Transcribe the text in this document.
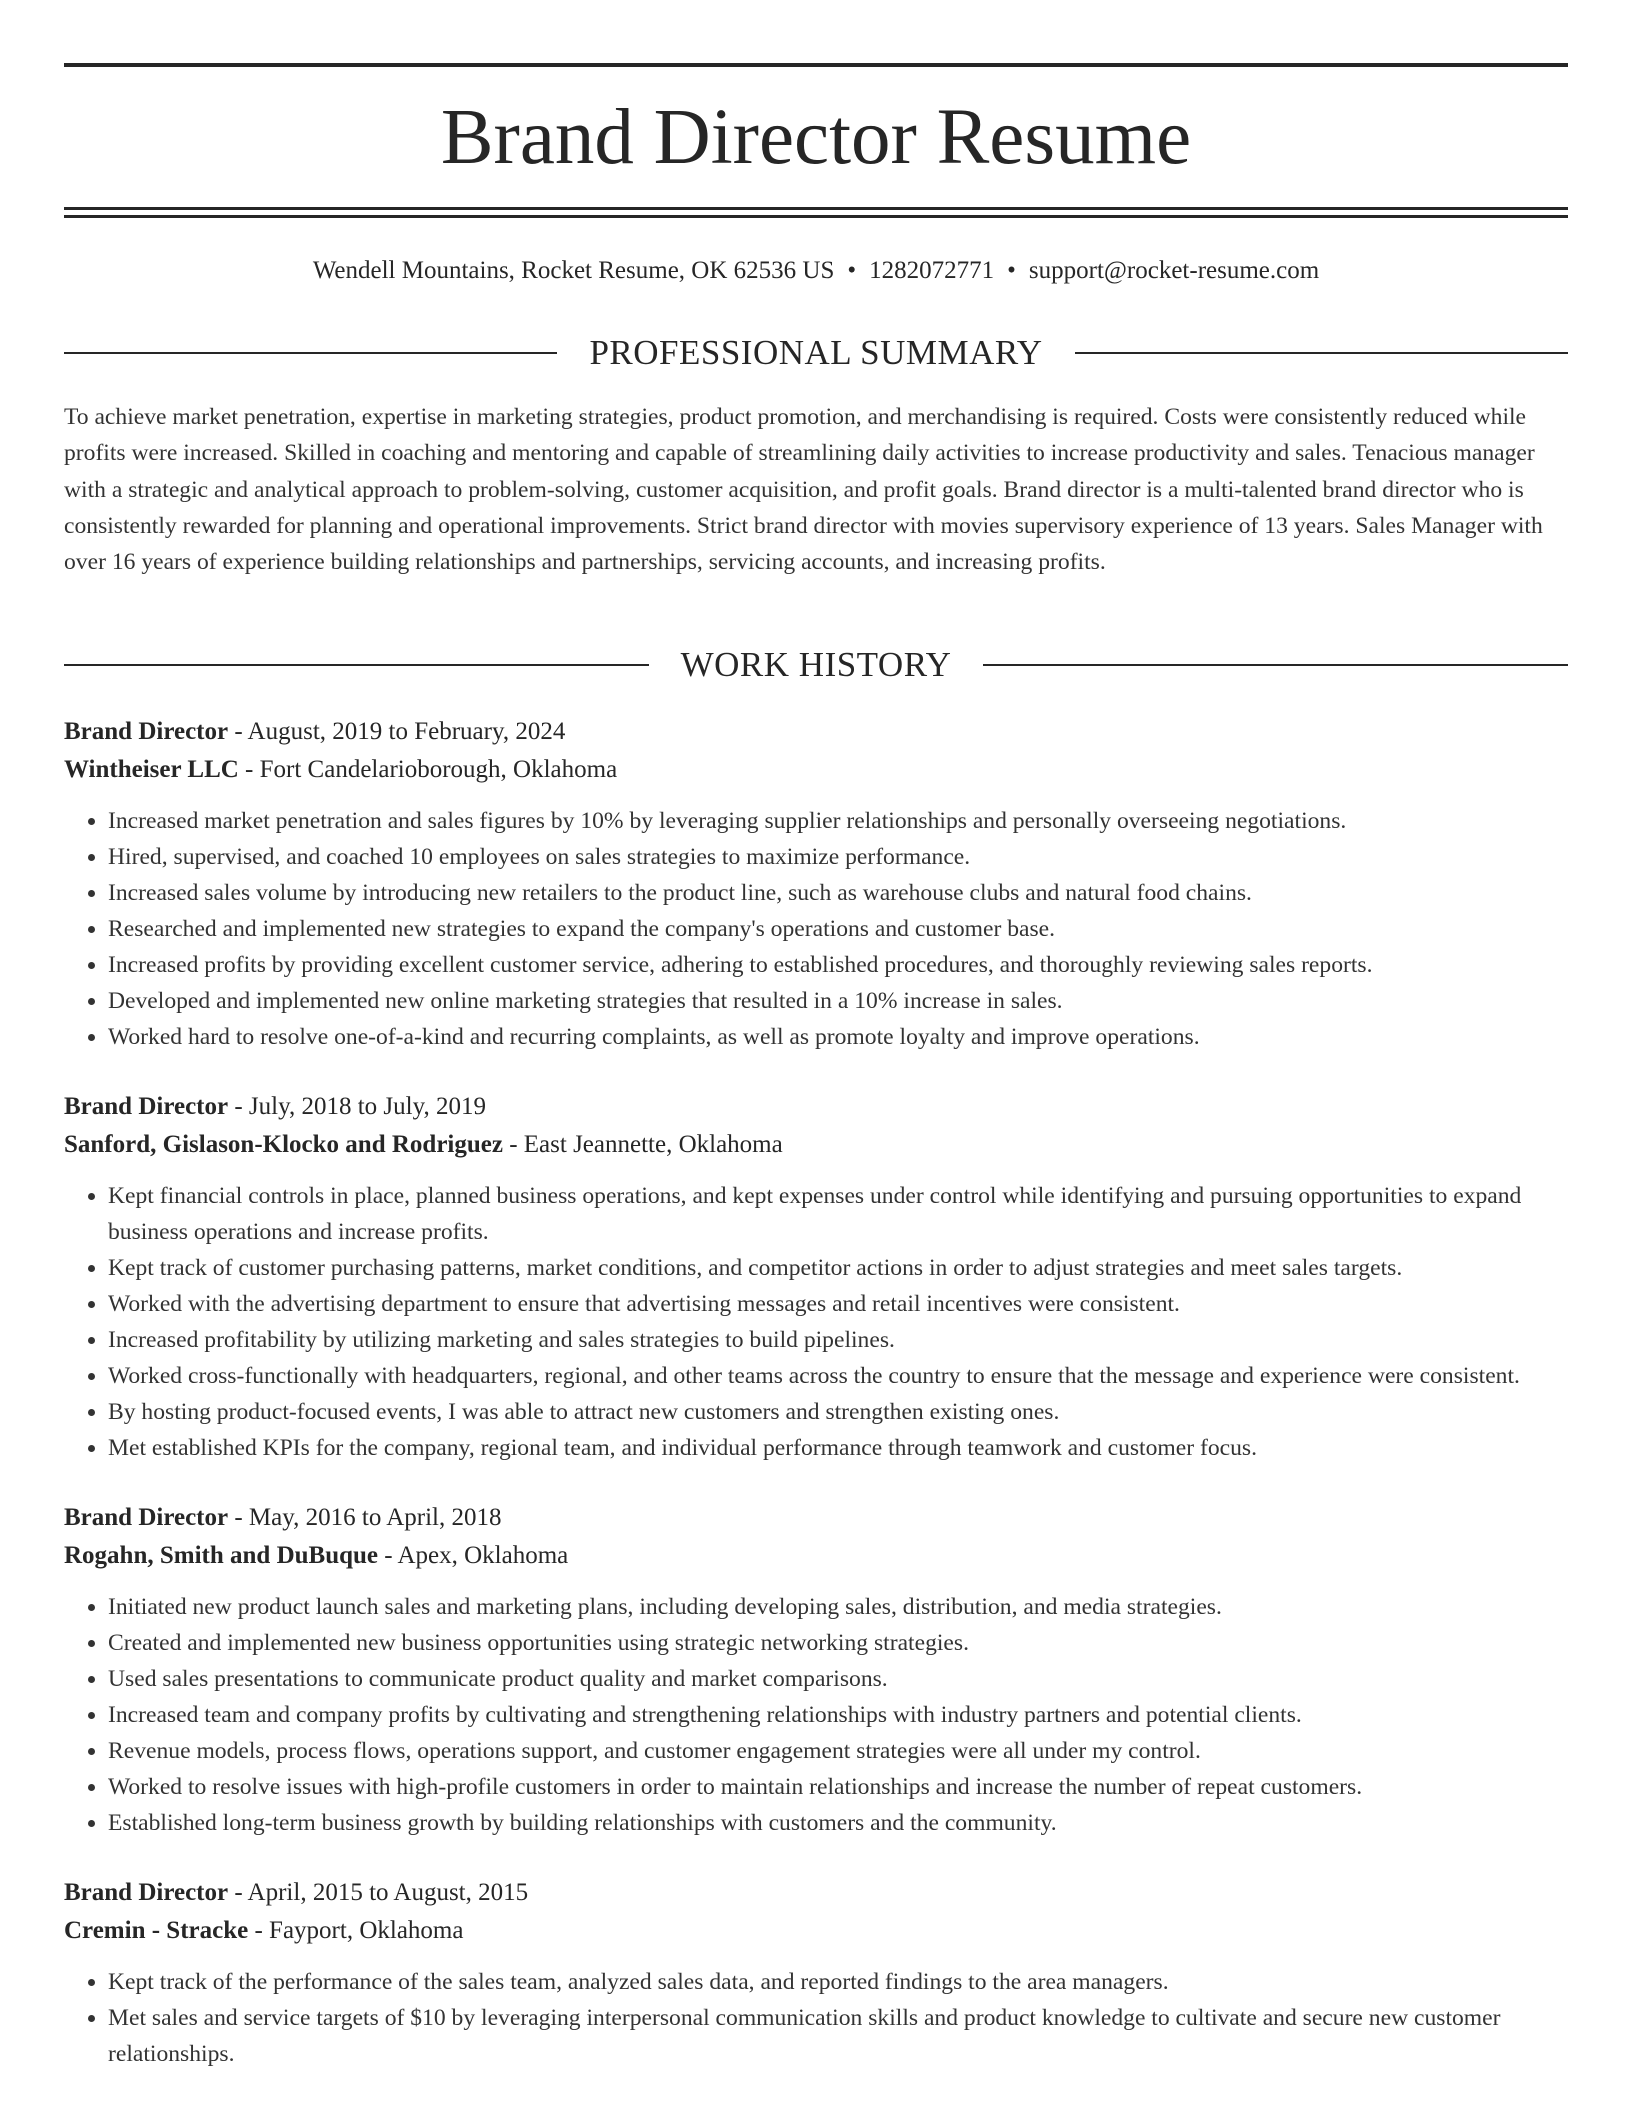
Brand Director Resume
Wendell Mountains, Rocket Resume, OK 62536 US • 1282072771 • support@rocket-resume.com
PROFESSIONAL SUMMARY

To achieve market penetration, expertise in marketing strategies, product promotion, and merchandising is required. Costs were consistently reduced while profits were increased. Skilled in coaching and mentoring and capable of streamlining daily activities to increase productivity and sales. Tenacious manager with a strategic and analytical approach to problem-solving, customer acquisition, and profit goals. Brand director is a multi-talented brand director who is consistently rewarded for planning and operational improvements. Strict brand director with movies supervisory experience of 13 years. Sales Manager with over 16 years of experience building relationships and partnerships, servicing accounts, and increasing profits.

WORK HISTORY
Brand Director - August, 2019 to February, 2024
Wintheiser LLC - Fort Candelarioborough, Oklahoma
• Increased market penetration and sales figures by 10% by leveraging supplier relationships and personally overseeing negotiations.
• Hired, supervised, and coached 10 employees on sales strategies to maximize performance.
• Increased sales volume by introducing new retailers to the product line, such as warehouse clubs and natural food chains.
• Researched and implemented new strategies to expand the company's operations and customer base.
• Increased profits by providing excellent customer service, adhering to established procedures, and thoroughly reviewing sales reports.
• Developed and implemented new online marketing strategies that resulted in a 10% increase in sales.
• Worked hard to resolve one-of-a-kind and recurring complaints, as well as promote loyalty and improve operations.
Brand Director - July, 2018 to July, 2019
Sanford, Gislason-Klocko and Rodriguez - East Jeannette, Oklahoma
• Kept financial controls in place, planned business operations, and kept expenses under control while identifying and pursuing opportunities to expand business operations and increase profits.
• Kept track of customer purchasing patterns, market conditions, and competitor actions in order to adjust strategies and meet sales targets.
• Worked with the advertising department to ensure that advertising messages and retail incentives were consistent.
• Increased profitability by utilizing marketing and sales strategies to build pipelines.
• Worked cross-functionally with headquarters, regional, and other teams across the country to ensure that the message and experience were consistent.
• By hosting product-focused events, I was able to attract new customers and strengthen existing ones.
• Met established KPIs for the company, regional team, and individual performance through teamwork and customer focus.
Brand Director - May, 2016 to April, 2018
Rogahn, Smith and DuBuque - Apex, Oklahoma
• Initiated new product launch sales and marketing plans, including developing sales, distribution, and media strategies.
• Created and implemented new business opportunities using strategic networking strategies.
• Used sales presentations to communicate product quality and market comparisons.
• Increased team and company profits by cultivating and strengthening relationships with industry partners and potential clients.
• Revenue models, process flows, operations support, and customer engagement strategies were all under my control.
• Worked to resolve issues with high-profile customers in order to maintain relationships and increase the number of repeat customers.
• Established long-term business growth by building relationships with customers and the community.
Brand Director - April, 2015 to August, 2015
Cremin - Stracke - Fayport, Oklahoma
• Kept track of the performance of the sales team, analyzed sales data, and reported findings to the area managers.
• Met sales and service targets of $10 by leveraging interpersonal communication skills and product knowledge to cultivate and secure new customer relationships.
